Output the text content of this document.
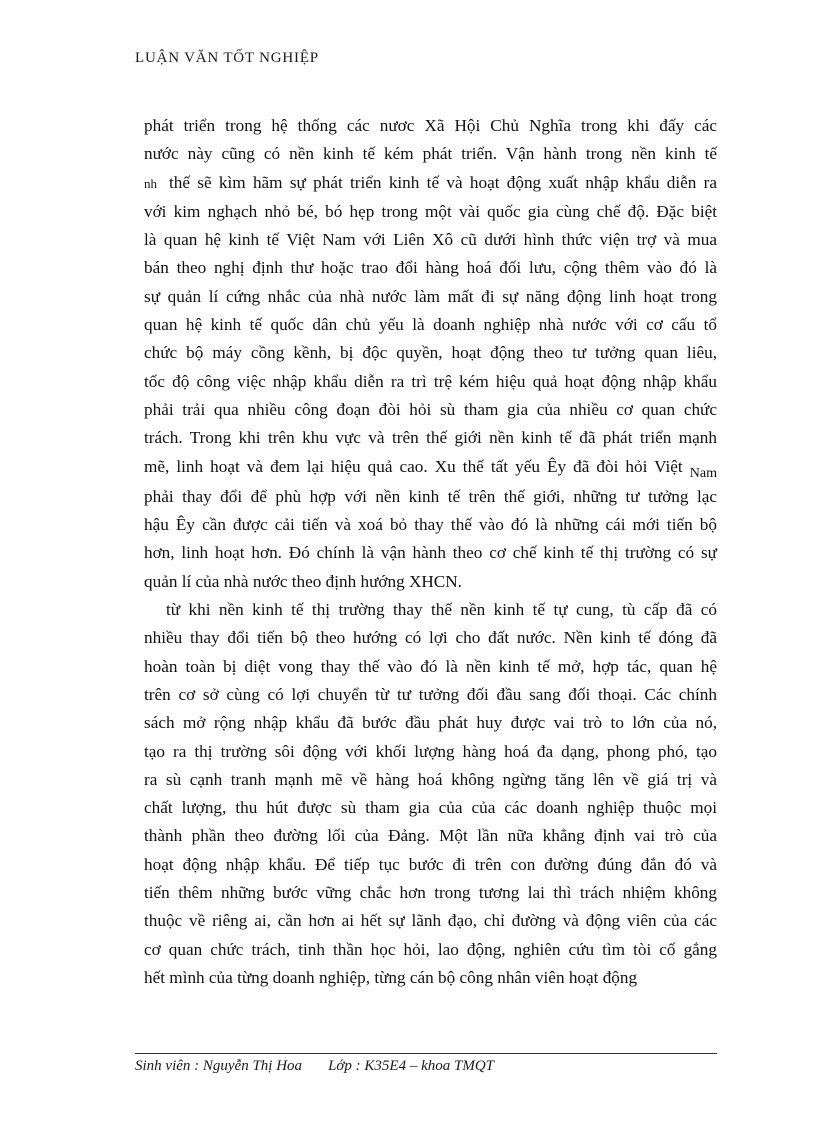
LUẬN VĂN TỐT NGHIỆP
phát triển trong hệ thống các nươc Xã Hội Chủ Nghĩa trong khi đấy các
nước này cũng có nền kinh tế kém phát triển. Vận hành trong nền kinh tế
nh thế sẽ kìm hãm sự phát triển kinh tế và hoạt động xuất nhập khẩu diễn ra
với kim nghạch nhỏ bé, bó hẹp trong một vài quốc gia cùng chế độ. Đặc biệt
là quan hệ kinh tế Việt Nam với Liên Xô cũ dưới hình thức viện trợ và mua
bán theo nghị định thư hoặc trao đổi hàng hoá đối lưu, cộng thêm vào đó là
sự quản lí cứng nhắc của nhà nước làm mất đi sự năng động linh hoạt trong
quan hệ kinh tế quốc dân chủ yếu là doanh nghiệp nhà nước với cơ cấu tổ
chức bộ máy cồng kềnh, bị độc quyền, hoạt động theo tư tưởng quan liêu,
tốc độ công việc nhập khẩu diễn ra trì trệ kém hiệu quả hoạt động nhập khẩu
phải trải qua nhiều công đoạn đòi hỏi sù tham gia của nhiều cơ quan chức
trách. Trong khi trên khu vực và trên thế giới nền kinh tế đã phát triển mạnh
mẽ, linh hoạt và đem lại hiệu quả cao. Xu thế tất yếu Êy đã đòi hỏi Việt $_{Nam}$
phải thay đổi để phù hợp với nền kinh tế trên thế giới, những tư tưởng lạc
hậu Êy cần được cải tiến và xoá bỏ thay thế vào đó là những cái mới tiến bộ
hơn, linh hoạt hơn. Đó chính là vận hành theo cơ chế kinh tế thị trường có sự
quản lí của nhà nước theo định hướng XHCN.
từ khi nền kinh tế thị trường thay thế nền kinh tế tự cung, tù cấp đã có
nhiều thay đổi tiến bộ theo hướng có lợi cho đất nước. Nền kinh tế đóng đã
hoàn toàn bị diệt vong thay thế vào đó là nền kinh tế mở, hợp tác, quan hệ
trên cơ sở cùng có lợi chuyển từ tư tưởng đối đầu sang đối thoại. Các chính
sách mở rộng nhập khẩu đã bước đầu phát huy được vai trò to lớn của nó,
tạo ra thị trường sôi động với khối lượng hàng hoá đa dạng, phong phó, tạo
ra sù cạnh tranh mạnh mẽ về hàng hoá không ngừng tăng lên về giá trị và
chất lượng, thu hút được sù tham gia của của các doanh nghiệp thuộc mọi
thành phần theo đường lối của Đảng. Một lần nữa khẳng định vai trò của
hoạt động nhập khẩu. Để tiếp tục bước đi trên con đường đúng đắn đó và
tiến thêm những bước vững chắc hơn trong tương lai thì trách nhiệm không
thuộc về riêng ai, cần hơn ai hết sự lãnh đạo, chỉ đường và động viên của các
cơ quan chức trách, tinh thần học hỏi, lao động, nghiên cứu tìm tòi cố gắng
hết mình của từng doanh nghiệp, từng cán bộ công nhân viên hoạt động
Sinh viên : Nguyễn Thị Hoa Lớp : K35E4 – khoa TMQT
